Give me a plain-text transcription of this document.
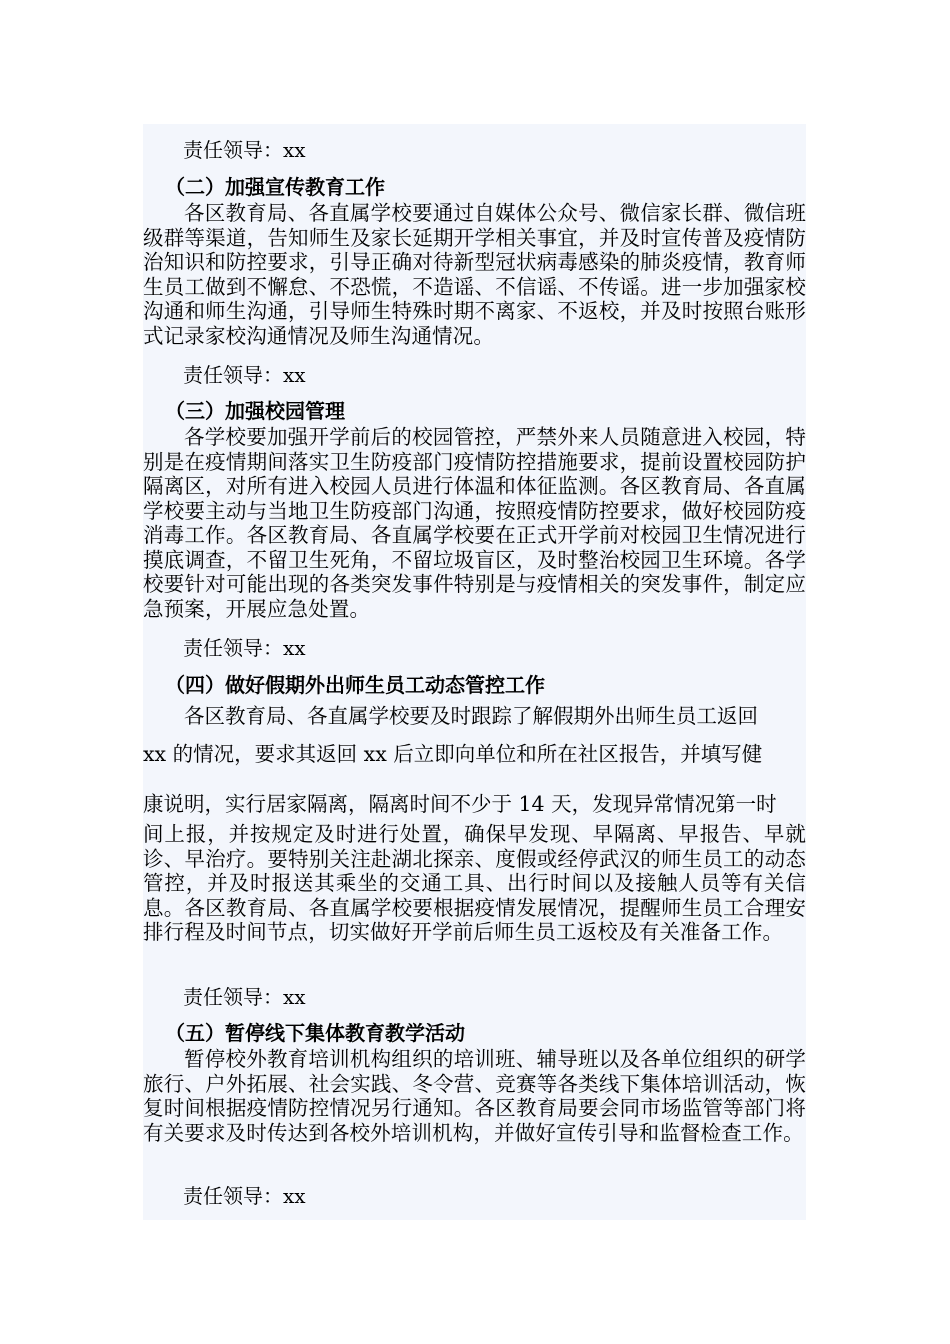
责任领导：xx
（二）加强宣传教育工作

各区教育局、各直属学校要通过自媒体公众号、微信家长群、微信班级群等渠道，告知师生及家长延期开学相关事宜，并及时宣传普及疫情防治知识和防控要求，引导正确对待新型冠状病毒感染的肺炎疫情，教育师生员工做到不懈怠、不恐慌，不造谣、不信谣、不传谣。进一步加强家校沟通和师生沟通，引导师生特殊时期不离家、不返校，并及时按照台账形式记录家校沟通情况及师生沟通情况。

责任领导：xx
（三）加强校园管理

各学校要加强开学前后的校园管控，严禁外来人员随意进入校园，特别是在疫情期间落实卫生防疫部门疫情防控措施要求，提前设置校园防护隔离区，对所有进入校园人员进行体温和体征监测。各区教育局、各直属学校要主动与当地卫生防疫部门沟通，按照疫情防控要求，做好校园防疫消毒工作。各区教育局、各直属学校要在正式开学前对校园卫生情况进行摸底调查，不留卫生死角，不留垃圾盲区，及时整治校园卫生环境。各学校要针对可能出现的各类突发事件特别是与疫情相关的突发事件，制定应急预案，开展应急处置。

责任领导：xx
（四）做好假期外出师生员工动态管控工作
各区教育局、各直属学校要及时跟踪了解假期外出师生员工返回
xx 的情况，要求其返回 xx 后立即向单位和所在社区报告，并填写健
康说明，实行居家隔离，隔离时间不少于 14 天，发现异常情况第一时

间上报，并按规定及时进行处置，确保早发现、早隔离、早报告、早就诊、早治疗。要特别关注赴湖北探亲、度假或经停武汉的师生员工的动态管控，并及时报送其乘坐的交通工具、出行时间以及接触人员等有关信息。各区教育局、各直属学校要根据疫情发展情况，提醒师生员工合理安排行程及时间节点，切实做好开学前后师生员工返校及有关准备工作。

责任领导：xx
（五）暂停线下集体教育教学活动

暂停校外教育培训机构组织的培训班、辅导班以及各单位组织的研学旅行、户外拓展、社会实践、冬令营、竞赛等各类线下集体培训活动，恢复时间根据疫情防控情况另行通知。各区教育局要会同市场监管等部门将有关要求及时传达到各校外培训机构，并做好宣传引导和监督检查工作。

责任领导：xx
